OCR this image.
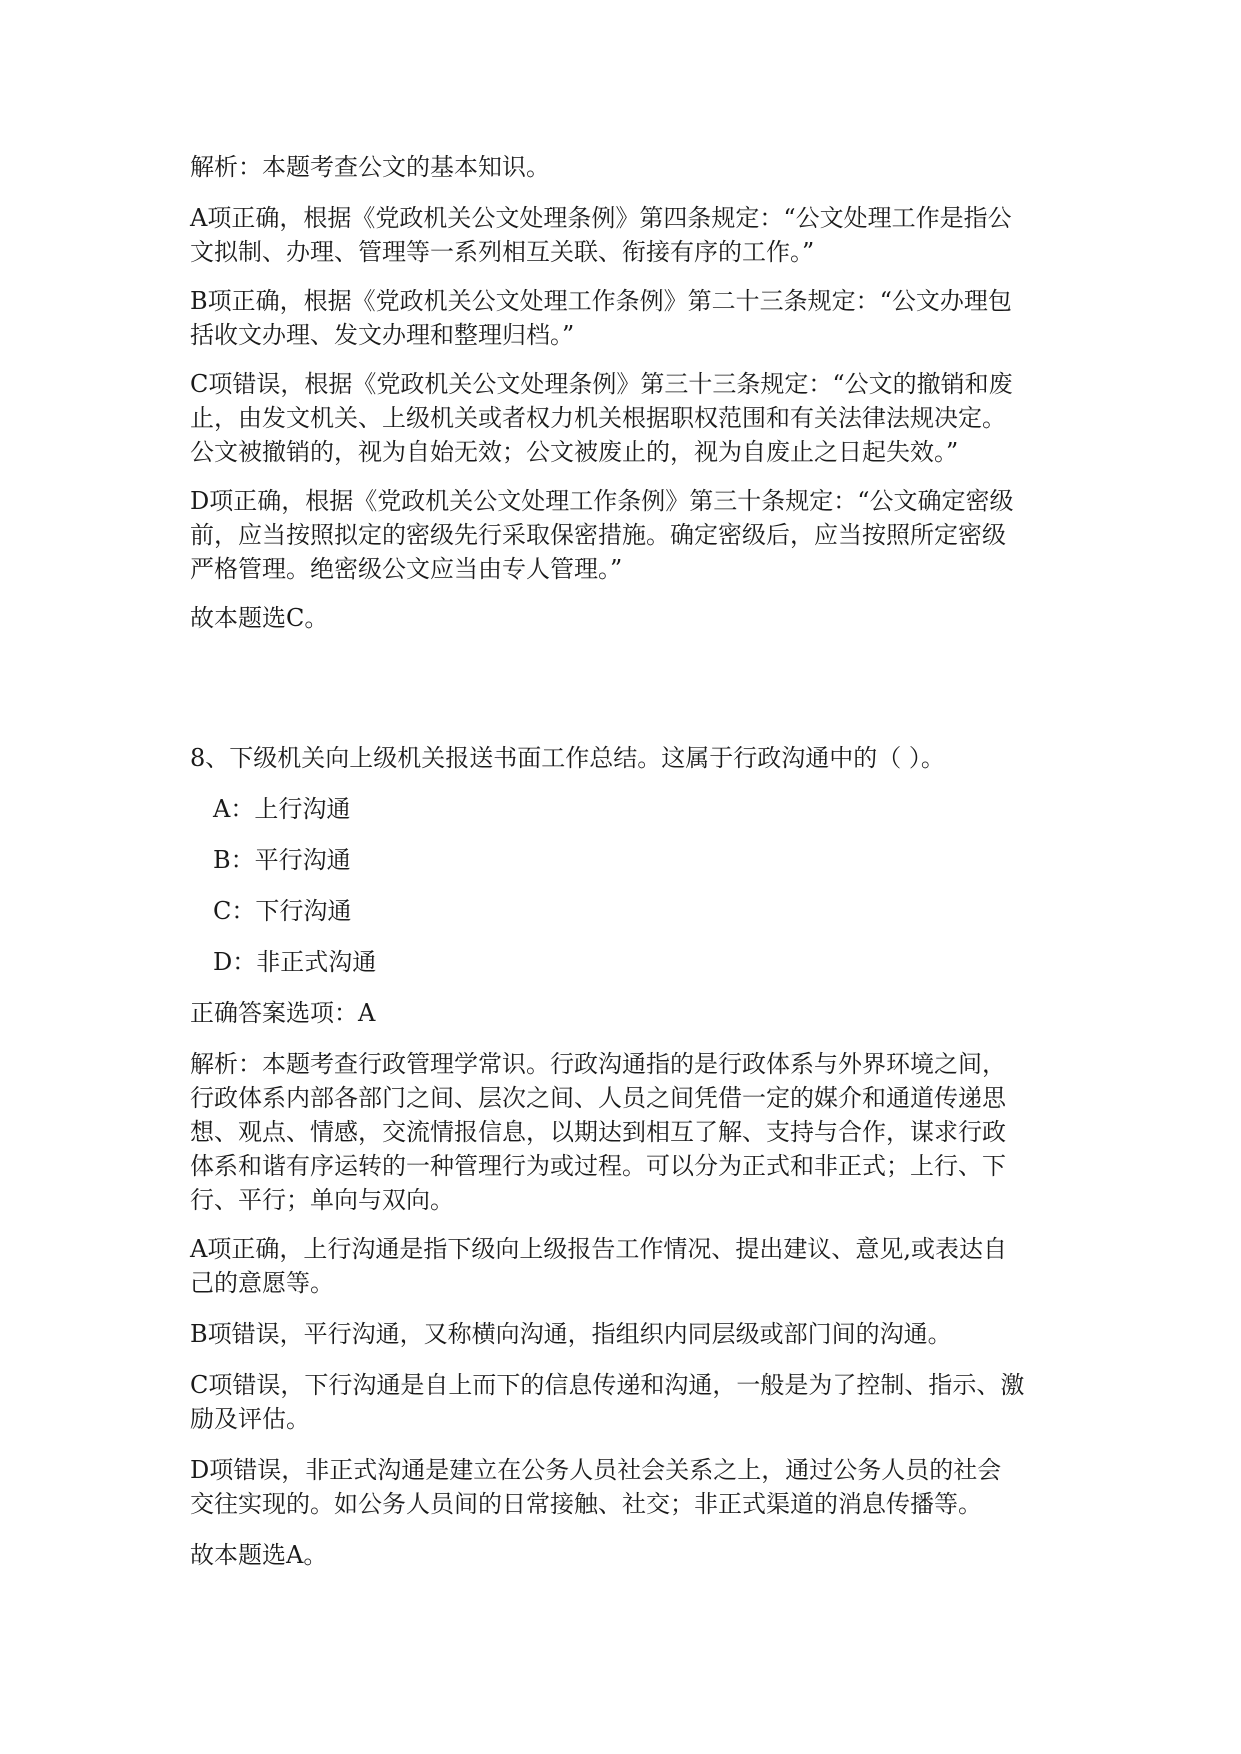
解析：本题考查公文的基本知识。

A项正确，根据《党政机关公文处理条例》第四条规定：“公文处理工作是指公
文拟制、办理、管理等一系列相互关联、衔接有序的工作。”

B项正确，根据《党政机关公文处理工作条例》第二十三条规定：“公文办理包
括收文办理、发文办理和整理归档。”

C项错误，根据《党政机关公文处理条例》第三十三条规定：“公文的撤销和废
止，由发文机关、上级机关或者权力机关根据职权范围和有关法律法规决定。
公文被撤销的，视为自始无效；公文被废止的，视为自废止之日起失效。”

D项正确，根据《党政机关公文处理工作条例》第三十条规定：“公文确定密级
前，应当按照拟定的密级先行采取保密措施。确定密级后，应当按照所定密级
严格管理。绝密级公文应当由专人管理。”

故本题选C。

8、下级机关向上级机关报送书面工作总结。这属于行政沟通中的（ ）。

A：上行沟通

B：平行沟通

C：下行沟通

D：非正式沟通

正确答案选项：A

解析：本题考查行政管理学常识。行政沟通指的是行政体系与外界环境之间，
行政体系内部各部门之间、层次之间、人员之间凭借一定的媒介和通道传递思
想、观点、情感，交流情报信息，以期达到相互了解、支持与合作，谋求行政
体系和谐有序运转的一种管理行为或过程。可以分为正式和非正式；上行、下
行、平行；单向与双向。

A项正确，上行沟通是指下级向上级报告工作情况、提出建议、意见,或表达自
己的意愿等。

B项错误，平行沟通，又称横向沟通，指组织内同层级或部门间的沟通。

C项错误，下行沟通是自上而下的信息传递和沟通，一般是为了控制、指示、激
励及评估。

D项错误，非正式沟通是建立在公务人员社会关系之上，通过公务人员的社会
交往实现的。如公务人员间的日常接触、社交；非正式渠道的消息传播等。

故本题选A。
